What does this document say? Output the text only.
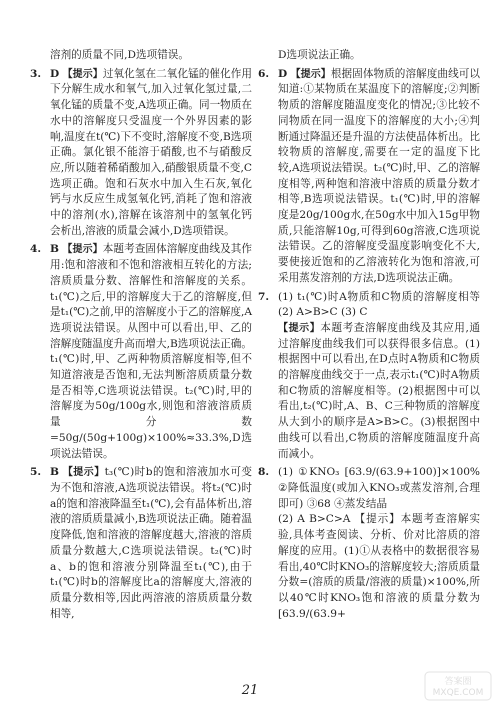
溶剂的质量不同,D选项错误。
3. D 【提示】过氧化氢在二氧化锰的催化作用下分解生成水和氧气,加入过氧化氢过量,二氧化锰的质量不变,A选项正确。同一物质在水中的溶解度只受温度一个外界因素的影响,温度在t(℃)下不变时,溶解度不变,B选项正确。氯化银不能溶于硝酸,也不与硝酸反应,所以随着稀硝酸加入,硝酸银质量不变,C选项正确。饱和石灰水中加入生石灰,氧化钙与水反应生成氢氧化钙,消耗了饱和溶液中的溶剂(水),溶解在该溶剂中的氢氧化钙会析出,溶液的质量会减小,D选项错误。
4. B 【提示】本题考查固体溶解度曲线及其作用:饱和溶液和不饱和溶液相互转化的方法;溶质质量分数、溶解性和溶解度的关系。t₁(℃)之后,甲的溶解度大于乙的溶解度,但是t₁(℃)之前,甲的溶解度小于乙的溶解度,A选项说法错误。从图中可以看出,甲、乙的溶解度随温度升高而增大,B选项说法正确。t₁(℃)时,甲、乙两种物质溶解度相等,但不知道溶液是否饱和,无法判断溶质质量分数是否相等,C选项说法错误。t₂(℃)时,甲的溶解度为50g/100g水,则饱和溶液溶质质量分数=50g/(50g+100g)×100%≈33.3%,D选项说法错误。
5. B 【提示】t₃(℃)时b的饱和溶液加水可变为不饱和溶液,A选项说法错误。将t₂(℃)时a的饱和溶液降温至t₁(℃),会有晶体析出,溶液的溶质质量减小,B选项说法正确。随着温度降低,饱和溶液的溶解度越大,溶液的溶质质量分数越大,C选项说法错误。t₂(℃)时a、b的饱和溶液分别降温至t₁(℃),由于t₁(℃)时b的溶解度比a的溶解度大,溶液的质量分数相等,因此两溶液的溶质质量分数相等,
D选项说法正确。
6. D 【提示】根据固体物质的溶解度曲线可以知道:①某物质在某温度下的溶解度;②判断物质的溶解度随温度变化的情况;③比较不同物质在同一温度下的溶解度的大小;④判断通过降温还是升温的方法使晶体析出。比较物质的溶解度,需要在一定的温度下比较,A选项说法错误。t₂(℃)时,甲、乙的溶解度相等,两种饱和溶液中溶质的质量分数才相等,B选项说法错误。t₁(℃)时,甲的溶解度是20g/100g水,在50g水中加入15g甲物质,只能溶解10g,可得到60g溶液,C选项说法错误。乙的溶解度受温度影响变化不大,要使接近饱和的乙溶液转化为饱和溶液,可采用蒸发溶剂的方法,D选项说法正确。
7. (1) t₁(℃)时A物质和C物质的溶解度相等 (2) A>B>C (3) C
【提示】本题考查溶解度曲线及其应用,通过溶解度曲线我们可以获得很多信息。(1)根据图中可以看出,在D点时A物质和C物质的溶解度曲线交于一点,表示t₁(℃)时A物质和C物质的溶解度相等。(2)根据图中可以看出,t₂(℃)时,A、B、C三种物质的溶解度从大到小的顺序是A>B>C。(3)根据图中曲线可以看出,C物质的溶解度随温度升高而减小。
8. (1) ①KNO₃ [63.9/(63.9+100)]×100% ②降低温度(或加入KNO₃或蒸发溶剂,合理即可) ③68 ④蒸发结晶
(2) A B>C>A 【提示】本题考查溶解实验,具体考查阅读、分析、价对比溶质的溶解度的应用。(1)①从表格中的数据很容易看出,40℃时KNO₃的溶解度较大;溶质质量分数=(溶质的质量/溶液的质量)×100%,所以40℃时KNO₃饱和溶液的质量分数为[63.9/(63.9+
21
答案圈
MXQE.COM
